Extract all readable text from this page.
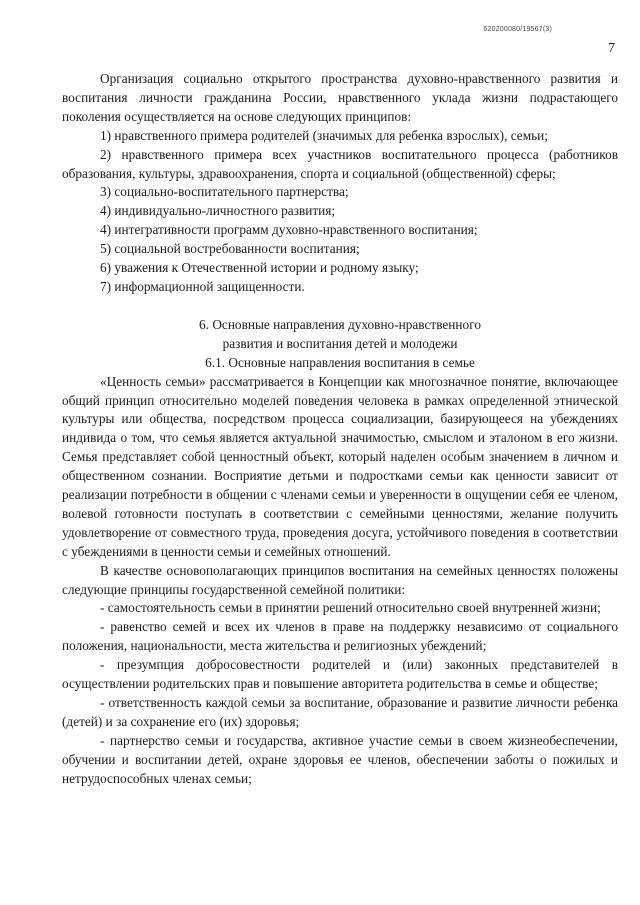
620200080/19567(3)
7

Организация социально открытого пространства духовно-нравственного развития и воспитания личности гражданина России, нравственного уклада жизни подрастающего поколения осуществляется на основе следующих принципов:

1) нравственного примера родителей (значимых для ребенка взрослых), семьи;

2) нравственного примера всех участников воспитательного процесса (работников образования, культуры, здравоохранения, спорта и социальной (общественной) сферы;

3) социально-воспитательного партнерства;

4) индивидуально-личностного развития;

4) интегративности программ духовно-нравственного воспитания;

5) социальной востребованности воспитания;

6) уважения к Отечественной истории и родному языку;

7) информационной защищенности.

6. Основные направления духовно-нравственного

развития и воспитания детей и молодежи

6.1. Основные направления воспитания в семье

«Ценность семьи» рассматривается в Концепции как многозначное понятие, включающее общий принцип относительно моделей поведения человека в рамках определенной этнической культуры или общества, посредством процесса социализации, базирующееся на убеждениях индивида о том, что семья является актуальной значимостью, смыслом и эталоном в его жизни. Семья представляет собой ценностный объект, который наделен особым значением в личном и общественном сознании. Восприятие детьми и подростками семьи как ценности зависит от реализации потребности в общении с членами семьи и уверенности в ощущении себя ее членом, волевой готовности поступать в соответствии с семейными ценностями, желание получить удовлетворение от совместного труда, проведения досуга, устойчивого поведения в соответствии с убеждениями в ценности семьи и семейных отношений.

В качестве основополагающих принципов воспитания на семейных ценностях положены следующие принципы государственной семейной политики:

- самостоятельность семьи в принятии решений относительно своей внутренней жизни;

- равенство семей и всех их членов в праве на поддержку независимо от социального положения, национальности, места жительства и религиозных убеждений;

- презумпция добросовестности родителей и (или) законных представителей в осуществлении родительских прав и повышение авторитета родительства в семье и обществе;

- ответственность каждой семьи за воспитание, образование и развитие личности ребенка (детей) и за сохранение его (их) здоровья;

- партнерство семьи и государства, активное участие семьи в своем жизнеобеспечении, обучении и воспитании детей, охране здоровья ее членов, обеспечении заботы о пожилых и нетрудоспособных членах семьи;
